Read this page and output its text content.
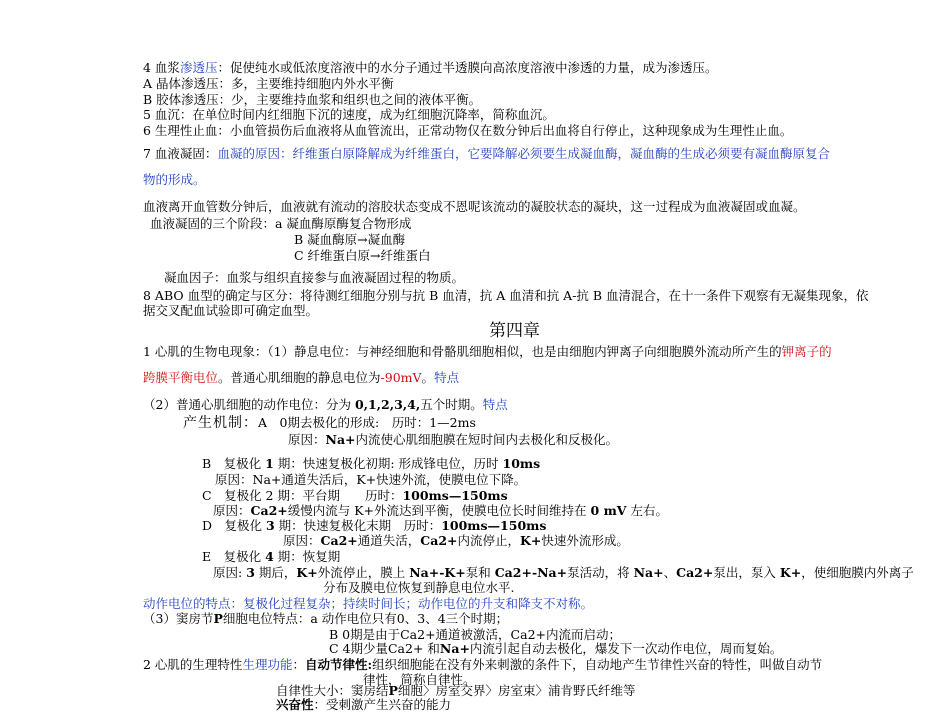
4 血浆渗透压：促使纯水或低浓度溶液中的水分子通过半透膜向高浓度溶液中渗透的力量，成为渗透压。
A 晶体渗透压：多，主要维持细胞内外水平衡
B 胶体渗透压：少，主要维持血浆和组织也之间的液体平衡。
5 血沉：在单位时间内红细胞下沉的速度，成为红细胞沉降率，简称血沉。
6 生理性止血：小血管损伤后血液将从血管流出，正常动物仅在数分钟后出血将自行停止，这种现象成为生理性止血。
7 血液凝固：血凝的原因：纤维蛋白原降解成为纤维蛋白，它要降解必须要生成凝血酶，凝血酶的生成必须要有凝血酶原复合
物的形成。
血液离开血管数分钟后，血液就有流动的溶胶状态变成不恩呢该流动的凝胶状态的凝块，这一过程成为血液凝固或血凝。
血液凝固的三个阶段：a 凝血酶原酶复合物形成
B 凝血酶原→凝血酶
C 纤维蛋白原→纤维蛋白
凝血因子：血浆与组织直接参与血液凝固过程的物质。
8 ABO 血型的确定与区分：将待测红细胞分别与抗 B 血清，抗 A 血清和抗 A-抗 B 血清混合，在十一条件下观察有无凝集现象，依
据交叉配血试验即可确定血型。
第四章
1 心肌的生物电现象：（1）静息电位：与神经细胞和骨骼肌细胞相似，也是由细胞内钾离子向细胞膜外流动所产生的钾离子的
跨膜平衡电位。普通心肌细胞的静息电位为-90mV。特点
（2）普通心肌细胞的动作电位：分为 0,1,2,3,4,五个时期。特点
产生机制：A　0期去极化的形成:　历时：1—2ms
原因：Na+内流使心肌细胞膜在短时间内去极化和反极化。
B　复极化 1 期：快速复极化初期: 形成锋电位，历时 10ms
原因：Na+通道失活后，K+快速外流，使膜电位下降。
C　复极化 2 期：平台期　　历时：100ms—150ms
原因：Ca2+缓慢内流与 K+外流达到平衡，使膜电位长时间维持在 0 mV 左右。
D　复极化 3 期：快速复极化末期　历时：100ms—150ms
原因：Ca2+通道失活，Ca2+内流停止，K+快速外流形成。
E　复极化 4 期：恢复期
原因: 3 期后，K+外流停止，膜上 Na+-K+泵和 Ca2+-Na+泵活动，将 Na+、Ca2+泵出，泵入 K+，使细胞膜内外离子
分布及膜电位恢复到静息电位水平.
动作电位的特点：复极化过程复杂；持续时间长；动作电位的升支和降支不对称。
（3）窦房节P细胞电位特点：a 动作电位只有0、3、4三个时期；
B 0期是由于Ca2+通道被激活，Ca2+内流而启动；
C 4期少量Ca2+ 和Na+内流引起自动去极化，爆发下一次动作电位，周而复始。
2 心肌的生理特性生理功能：自动节律性:组织细胞能在没有外来刺激的条件下，自动地产生节律性兴奋的特性，叫做自动节
律性，简称自律性。
自律性大小：窦房结P细胞〉房室交界〉房室束〉浦肯野氏纤维等
兴奋性：受刺激产生兴奋的能力
